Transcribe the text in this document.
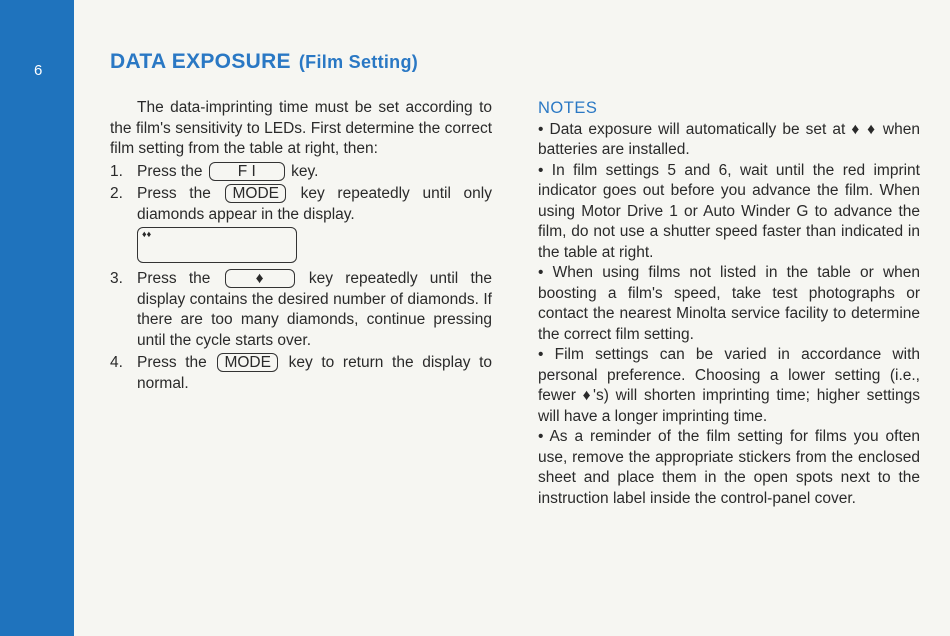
6	DATA EXPOSURE (Film Setting)

The data-imprinting time must be set according to the film's sensitivity to LEDs. First determine the correct film setting from the table at right, then:

1. Press the F I key.
2. Press the MODE key repeatedly until only diamonds appear in the display.
♦♦
3. Press the	♦	key repeatedly until the display contains the desired number of diamonds. If there are too many diamonds, continue pressing until the cycle starts over.
4. Press the MODE key to return the display to normal.
NOTES

• Data exposure will automatically be set at ♦ ♦ when batteries are installed.

• In film settings 5 and 6, wait until the red imprint indicator goes out before you advance the film. When using Motor Drive 1 or Auto Winder G to advance the film, do not use a shutter speed faster than indicated in the table at right.

• When using films not listed in the table or when boosting a film's speed, take test photographs or contact the nearest Minolta service facility to determine the correct film setting.

• Film settings can be varied in accordance with personal preference. Choosing a lower setting (i.e., fewer ♦'s) will shorten imprinting time; higher settings will have a longer imprinting time.

• As a reminder of the film setting for films you often use, remove the appropriate stickers from the enclosed sheet and place them in the open spots next to the instruction label inside the control-panel cover.
